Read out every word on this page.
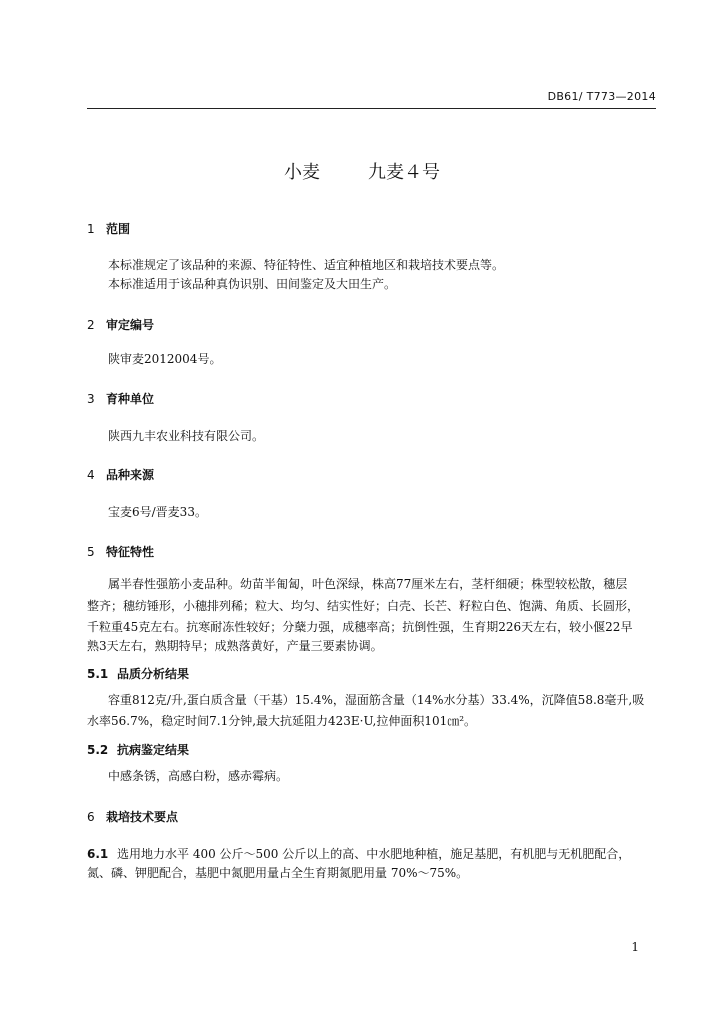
DB61/ T773—2014
小麦	九麦４号
1 范围
本标准规定了该品种的来源、特征特性、适宜种植地区和栽培技术要点等。
本标准适用于该品种真伪识别、田间鉴定及大田生产。
2 审定编号
陕审麦2012004号。
3 育种单位
陕西九丰农业科技有限公司。
4 品种来源
宝麦6号/晋麦33。
5 特征特性
属半春性强筋小麦品种。幼苗半匍匐，叶色深绿，株高77厘米左右，茎杆细硬；株型较松散，穗层
整齐；穗纺锤形，小穗排列稀；粒大、均匀、结实性好；白壳、长芒、籽粒白色、饱满、角质、长圆形，
千粒重45克左右。抗寒耐冻性较好；分蘖力强，成穗率高；抗倒性强，生育期226天左右，较小偃22早
熟3天左右，熟期特早；成熟落黄好，产量三要素协调。
5.1 品质分析结果
容重812克/升,蛋白质含量（干基）15.4%，湿面筋含量（14%水分基）33.4%，沉降值58.8毫升,吸
水率56.7%，稳定时间7.1分钟,最大抗延阻力423E·U,拉伸面积101㎝²。
5.2 抗病鉴定结果
中感条锈，高感白粉，感赤霉病。
6 栽培技术要点
6.1 选用地力水平 400 公斤～500 公斤以上的高、中水肥地种植，施足基肥，有机肥与无机肥配合，
氮、磷、钾肥配合，基肥中氮肥用量占全生育期氮肥用量 70%～75%。
1
